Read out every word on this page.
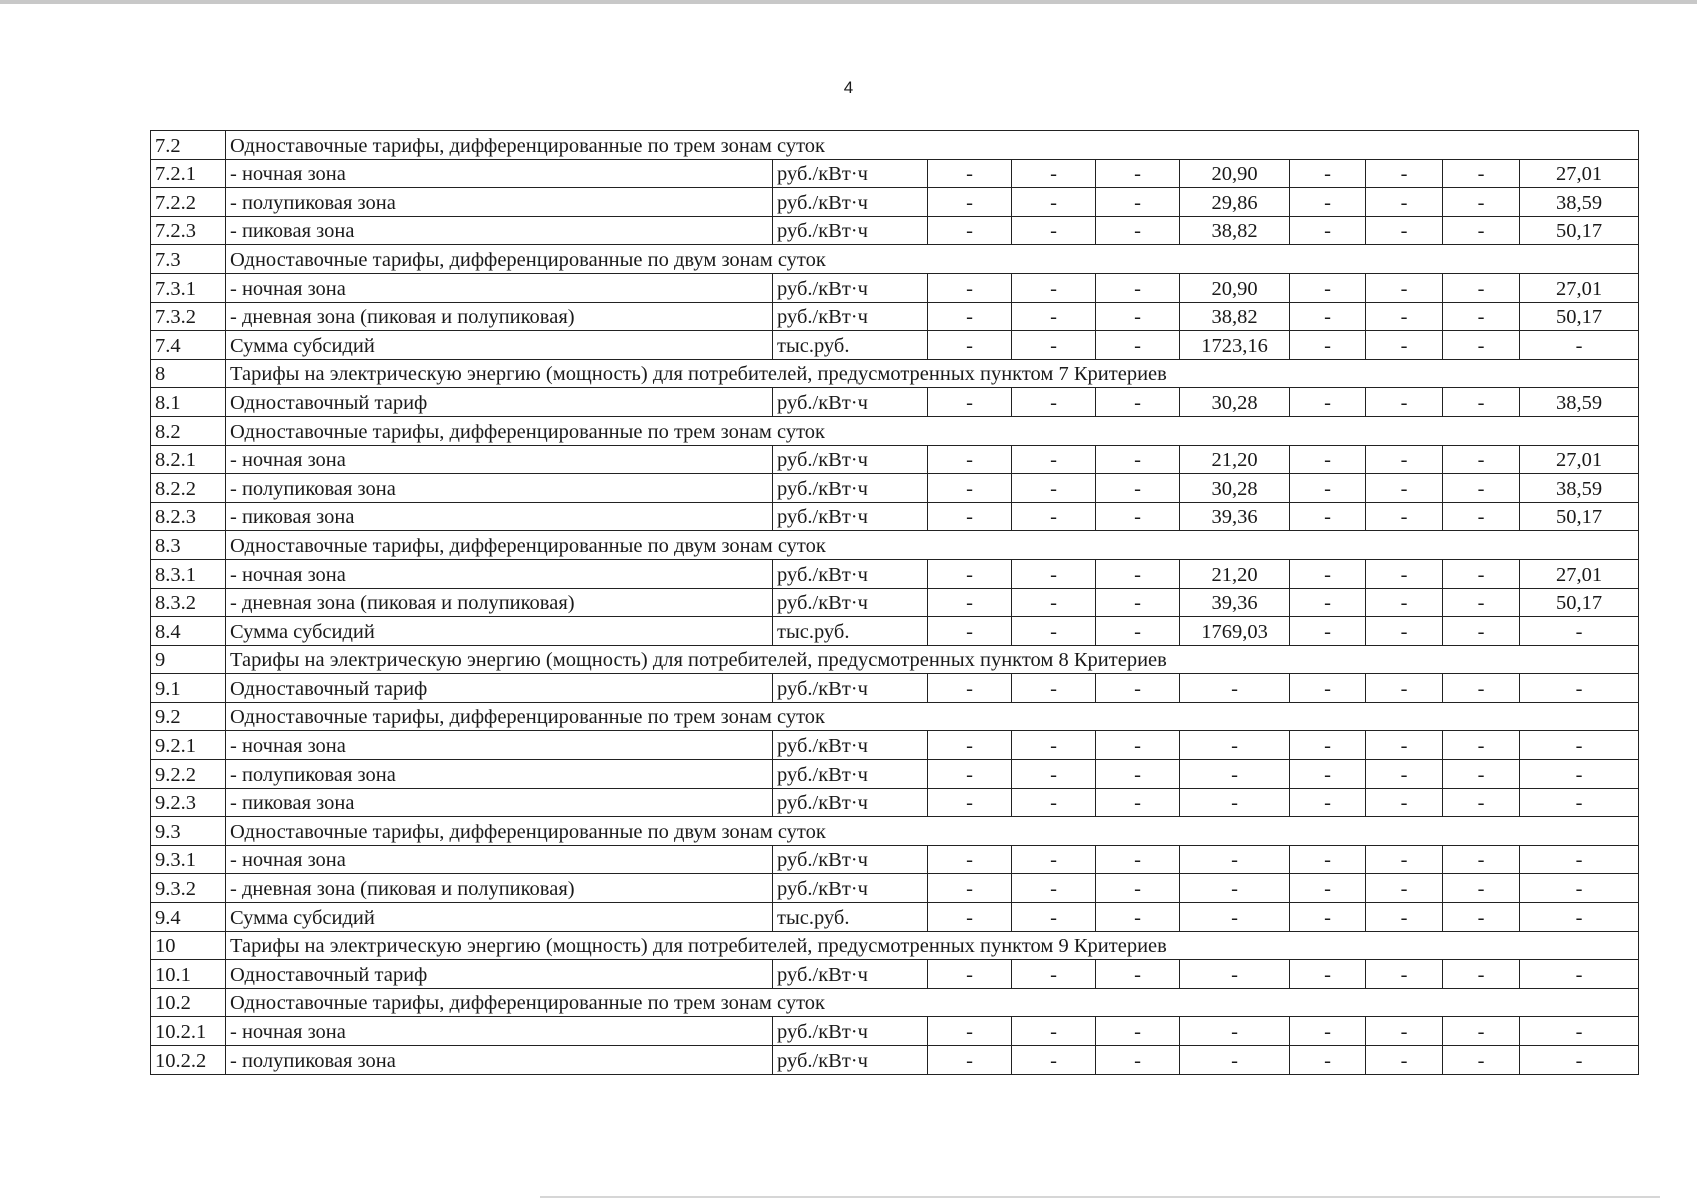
4
7.2	Одноставочные тарифы, дифференцированные по трем зонам суток									
7.2.1	- ночная зона	руб./кВт·ч	-	-	-	20,90	-	-	-	27,01
7.2.2	- полупиковая зона	руб./кВт·ч	-	-	-	29,86	-	-	-	38,59
7.2.3	- пиковая зона	руб./кВт·ч	-	-	-	38,82	-	-	-	50,17
7.3	Одноставочные тарифы, дифференцированные по двум зонам суток									
7.3.1	- ночная зона	руб./кВт·ч	-	-	-	20,90	-	-	-	27,01
7.3.2	- дневная зона (пиковая и полупиковая)	руб./кВт·ч	-	-	-	38,82	-	-	-	50,17
7.4	Сумма субсидий	тыс.руб.	-	-	-	1723,16	-	-	-	-
8	Тарифы на электрическую энергию (мощность) для потребителей, предусмотренных пунктом 7 Критериев									
8.1	Одноставочный тариф	руб./кВт·ч	-	-	-	30,28	-	-	-	38,59
8.2	Одноставочные тарифы, дифференцированные по трем зонам суток									
8.2.1	- ночная зона	руб./кВт·ч	-	-	-	21,20	-	-	-	27,01
8.2.2	- полупиковая зона	руб./кВт·ч	-	-	-	30,28	-	-	-	38,59
8.2.3	- пиковая зона	руб./кВт·ч	-	-	-	39,36	-	-	-	50,17
8.3	Одноставочные тарифы, дифференцированные по двум зонам суток									
8.3.1	- ночная зона	руб./кВт·ч	-	-	-	21,20	-	-	-	27,01
8.3.2	- дневная зона (пиковая и полупиковая)	руб./кВт·ч	-	-	-	39,36	-	-	-	50,17
8.4	Сумма субсидий	тыс.руб.	-	-	-	1769,03	-	-	-	-
9	Тарифы на электрическую энергию (мощность) для потребителей, предусмотренных пунктом 8 Критериев									
9.1	Одноставочный тариф	руб./кВт·ч	-	-	-	-	-	-	-	-
9.2	Одноставочные тарифы, дифференцированные по трем зонам суток									
9.2.1	- ночная зона	руб./кВт·ч	-	-	-	-	-	-	-	-
9.2.2	- полупиковая зона	руб./кВт·ч	-	-	-	-	-	-	-	-
9.2.3	- пиковая зона	руб./кВт·ч	-	-	-	-	-	-	-	-
9.3	Одноставочные тарифы, дифференцированные по двум зонам суток									
9.3.1	- ночная зона	руб./кВт·ч	-	-	-	-	-	-	-	-
9.3.2	- дневная зона (пиковая и полупиковая)	руб./кВт·ч	-	-	-	-	-	-	-	-
9.4	Сумма субсидий	тыс.руб.	-	-	-	-	-	-	-	-
10	Тарифы на электрическую энергию (мощность) для потребителей, предусмотренных пунктом 9 Критериев									
10.1	Одноставочный тариф	руб./кВт·ч	-	-	-	-	-	-	-	-
10.2	Одноставочные тарифы, дифференцированные по трем зонам суток									
10.2.1	- ночная зона	руб./кВт·ч	-	-	-	-	-	-	-	-
10.2.2	- полупиковая зона	руб./кВт·ч	-	-	-	-	-	-	-	-
